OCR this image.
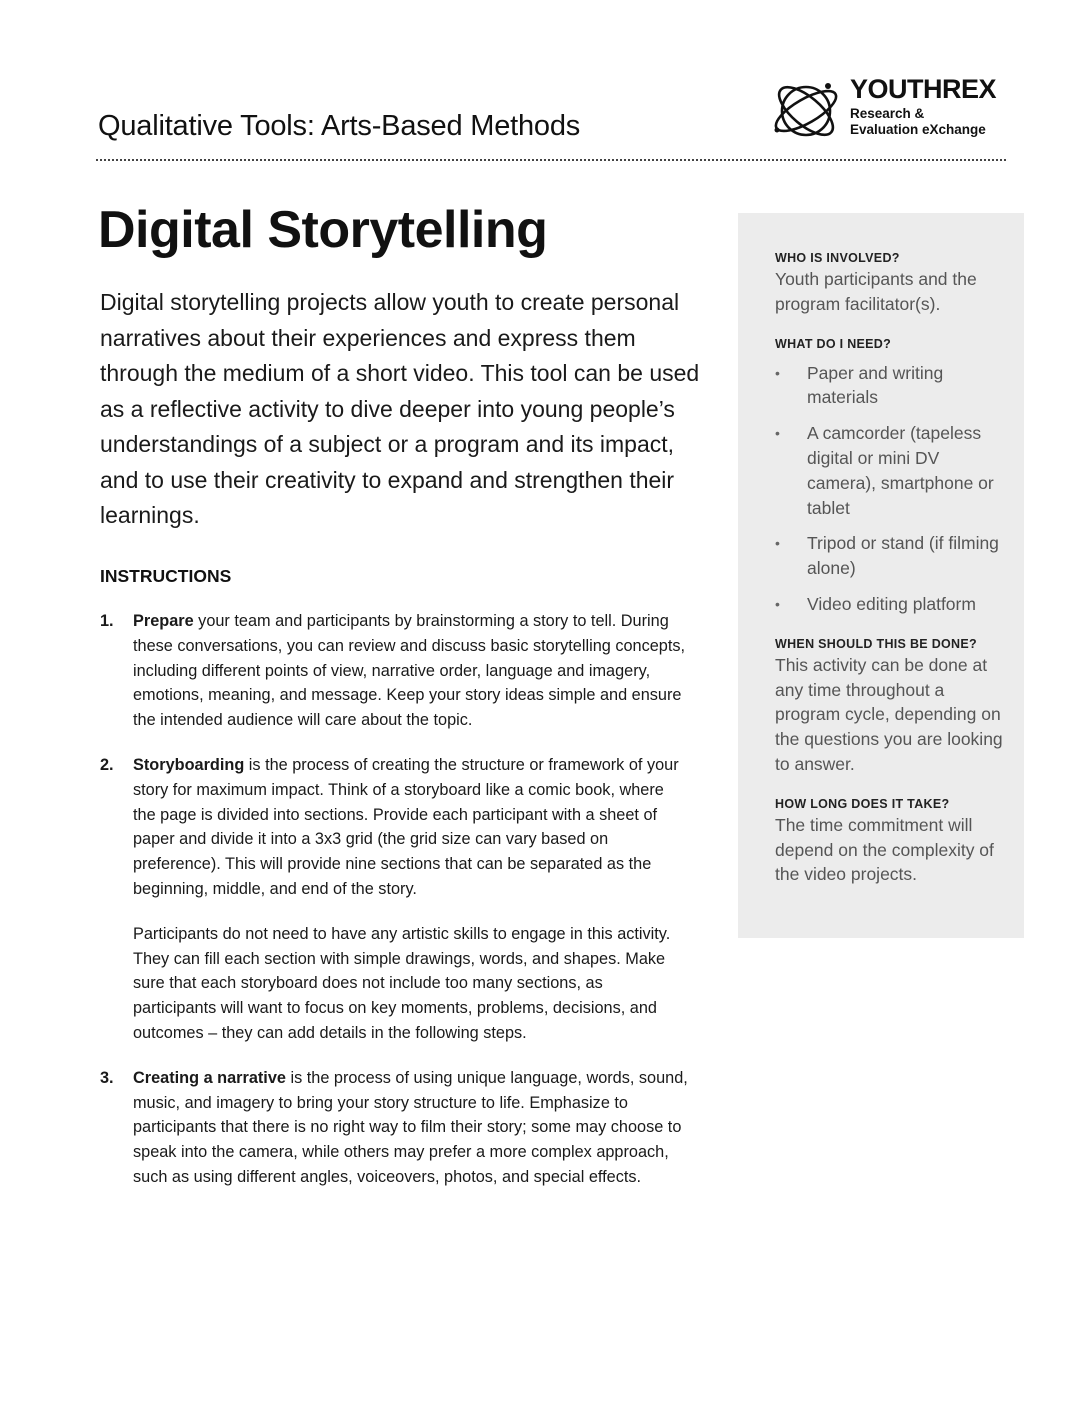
Qualitative Tools: Arts-Based Methods
YOUTHREX
Research &
Evaluation eXchange
Digital Storytelling

Digital storytelling projects allow youth to create personal narratives about their experiences and express them through the medium of a short video. This tool can be used as a reflective activity to dive deeper into young people’s understandings of a subject or a program and its impact, and to use their creativity to expand and strengthen their learnings.

INSTRUCTIONS
1. Prepare your team and participants by brainstorming a story to tell. During these conversations, you can review and discuss basic storytelling concepts, including different points of view, narrative order, language and imagery, emotions, meaning, and message. Keep your story ideas simple and ensure the intended audience will care about the topic.

2. Storyboarding is the process of creating the structure or framework of your story for maximum impact. Think of a storyboard like a comic book, where the page is divided into sections. Provide each participant with a sheet of paper and divide it into a 3x3 grid (the grid size can vary based on preference). This will provide nine sections that can be separated as the beginning, middle, and end of the story.

Participants do not need to have any artistic skills to engage in this activity. They can fill each section with simple drawings, words, and shapes. Make sure that each storyboard does not include too many sections, as participants will want to focus on key moments, problems, decisions, and outcomes – they can add details in the following steps.

3. Creating a narrative is the process of using unique language, words, sound, music, and imagery to bring your story structure to life. Emphasize to participants that there is no right way to film their story; some may choose to speak into the camera, while others may prefer a more complex approach, such as using different angles, voiceovers, photos, and special effects.

WHO IS INVOLVED?

Youth participants and the program facilitator(s).

WHAT DO I NEED?

• Paper and writing materials
• A camcorder (tapeless digital or mini DV camera), smartphone or tablet
• Tripod or stand (if filming alone)
• Video editing platform

WHEN SHOULD THIS BE DONE?

This activity can be done at any time throughout a program cycle, depending on the questions you are looking to answer.

HOW LONG DOES IT TAKE?

The time commitment will depend on the complexity of the video projects.
